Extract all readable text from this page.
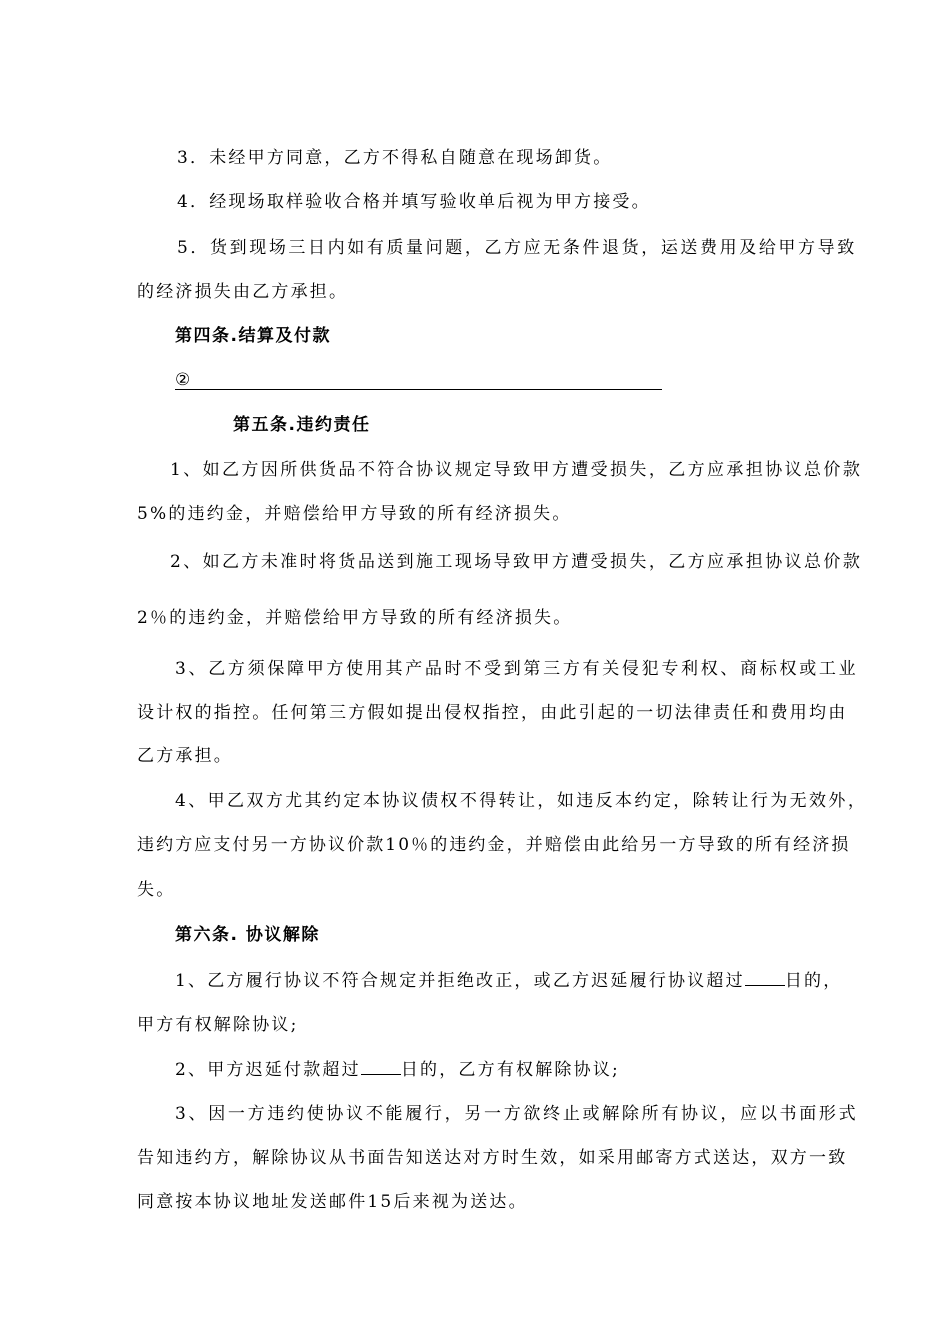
3．未经甲方同意，乙方不得私自随意在现场卸货。
4．经现场取样验收合格并填写验收单后视为甲方接受。
5．货到现场三日内如有质量问题，乙方应无条件退货，运送费用及给甲方导致
的经济损失由乙方承担。
第四条.结算及付款
②
第五条.违约责任
1、如乙方因所供货品不符合协议规定导致甲方遭受损失，乙方应承担协议总价款
5%的违约金，并赔偿给甲方导致的所有经济损失。
2、如乙方未准时将货品送到施工现场导致甲方遭受损失，乙方应承担协议总价款
2％的违约金，并赔偿给甲方导致的所有经济损失。
3、乙方须保障甲方使用其产品时不受到第三方有关侵犯专利权、商标权或工业
设计权的指控。任何第三方假如提出侵权指控，由此引起的一切法律责任和费用均由
乙方承担。
4、甲乙双方尤其约定本协议债权不得转让，如违反本约定，除转让行为无效外，
违约方应支付另一方协议价款10％的违约金，并赔偿由此给另一方导致的所有经济损
失。
第六条. 协议解除
1、乙方履行协议不符合规定并拒绝改正，或乙方迟延履行协议超过 日的，
甲方有权解除协议;
2、甲方迟延付款超过 日的，乙方有权解除协议;
3、因一方违约使协议不能履行，另一方欲终止或解除所有协议，应以书面形式
告知违约方，解除协议从书面告知送达对方时生效，如采用邮寄方式送达，双方一致
同意按本协议地址发送邮件15后来视为送达。
